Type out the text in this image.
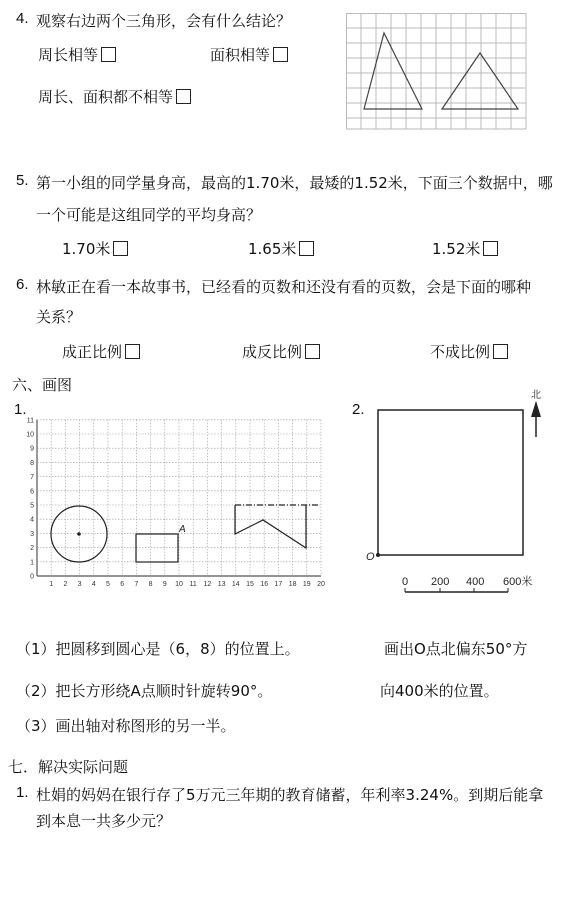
4. 观察右边两个三角形，会有什么结论？
周长相等	面积相等
周长、面积都不相等
5. 第一小组的同学量身高，最高的1.70米，最矮的1.52米，下面三个数据中，哪
一个可能是这组同学的平均身高？
1.70米	1.65米	1.52米
6. 林敏正在看一本故事书，已经看的页数和还没有看的页数，会是下面的哪种
关系？
成正比例	成反比例	不成比例
六、画图
1.	2.
A
1 2 3 4 5 6 7 8 9 10 11 12 13 14 15 16 17 18 19 20
0
1
2
3
4
5
6
7
8
9
10
11
北
O
0 200 400 600米
（1）把圆移到圆心是（6，8）的位置上。
（2）把长方形绕A点顺时针旋转90°。
（3）画出轴对称图形的另一半。
画出O点北偏东50°方
向400米的位置。
七．解决实际问题
1. 杜娟的妈妈在银行存了5万元三年期的教育储蓄，年利率3.24%。到期后能拿
到本息一共多少元？
